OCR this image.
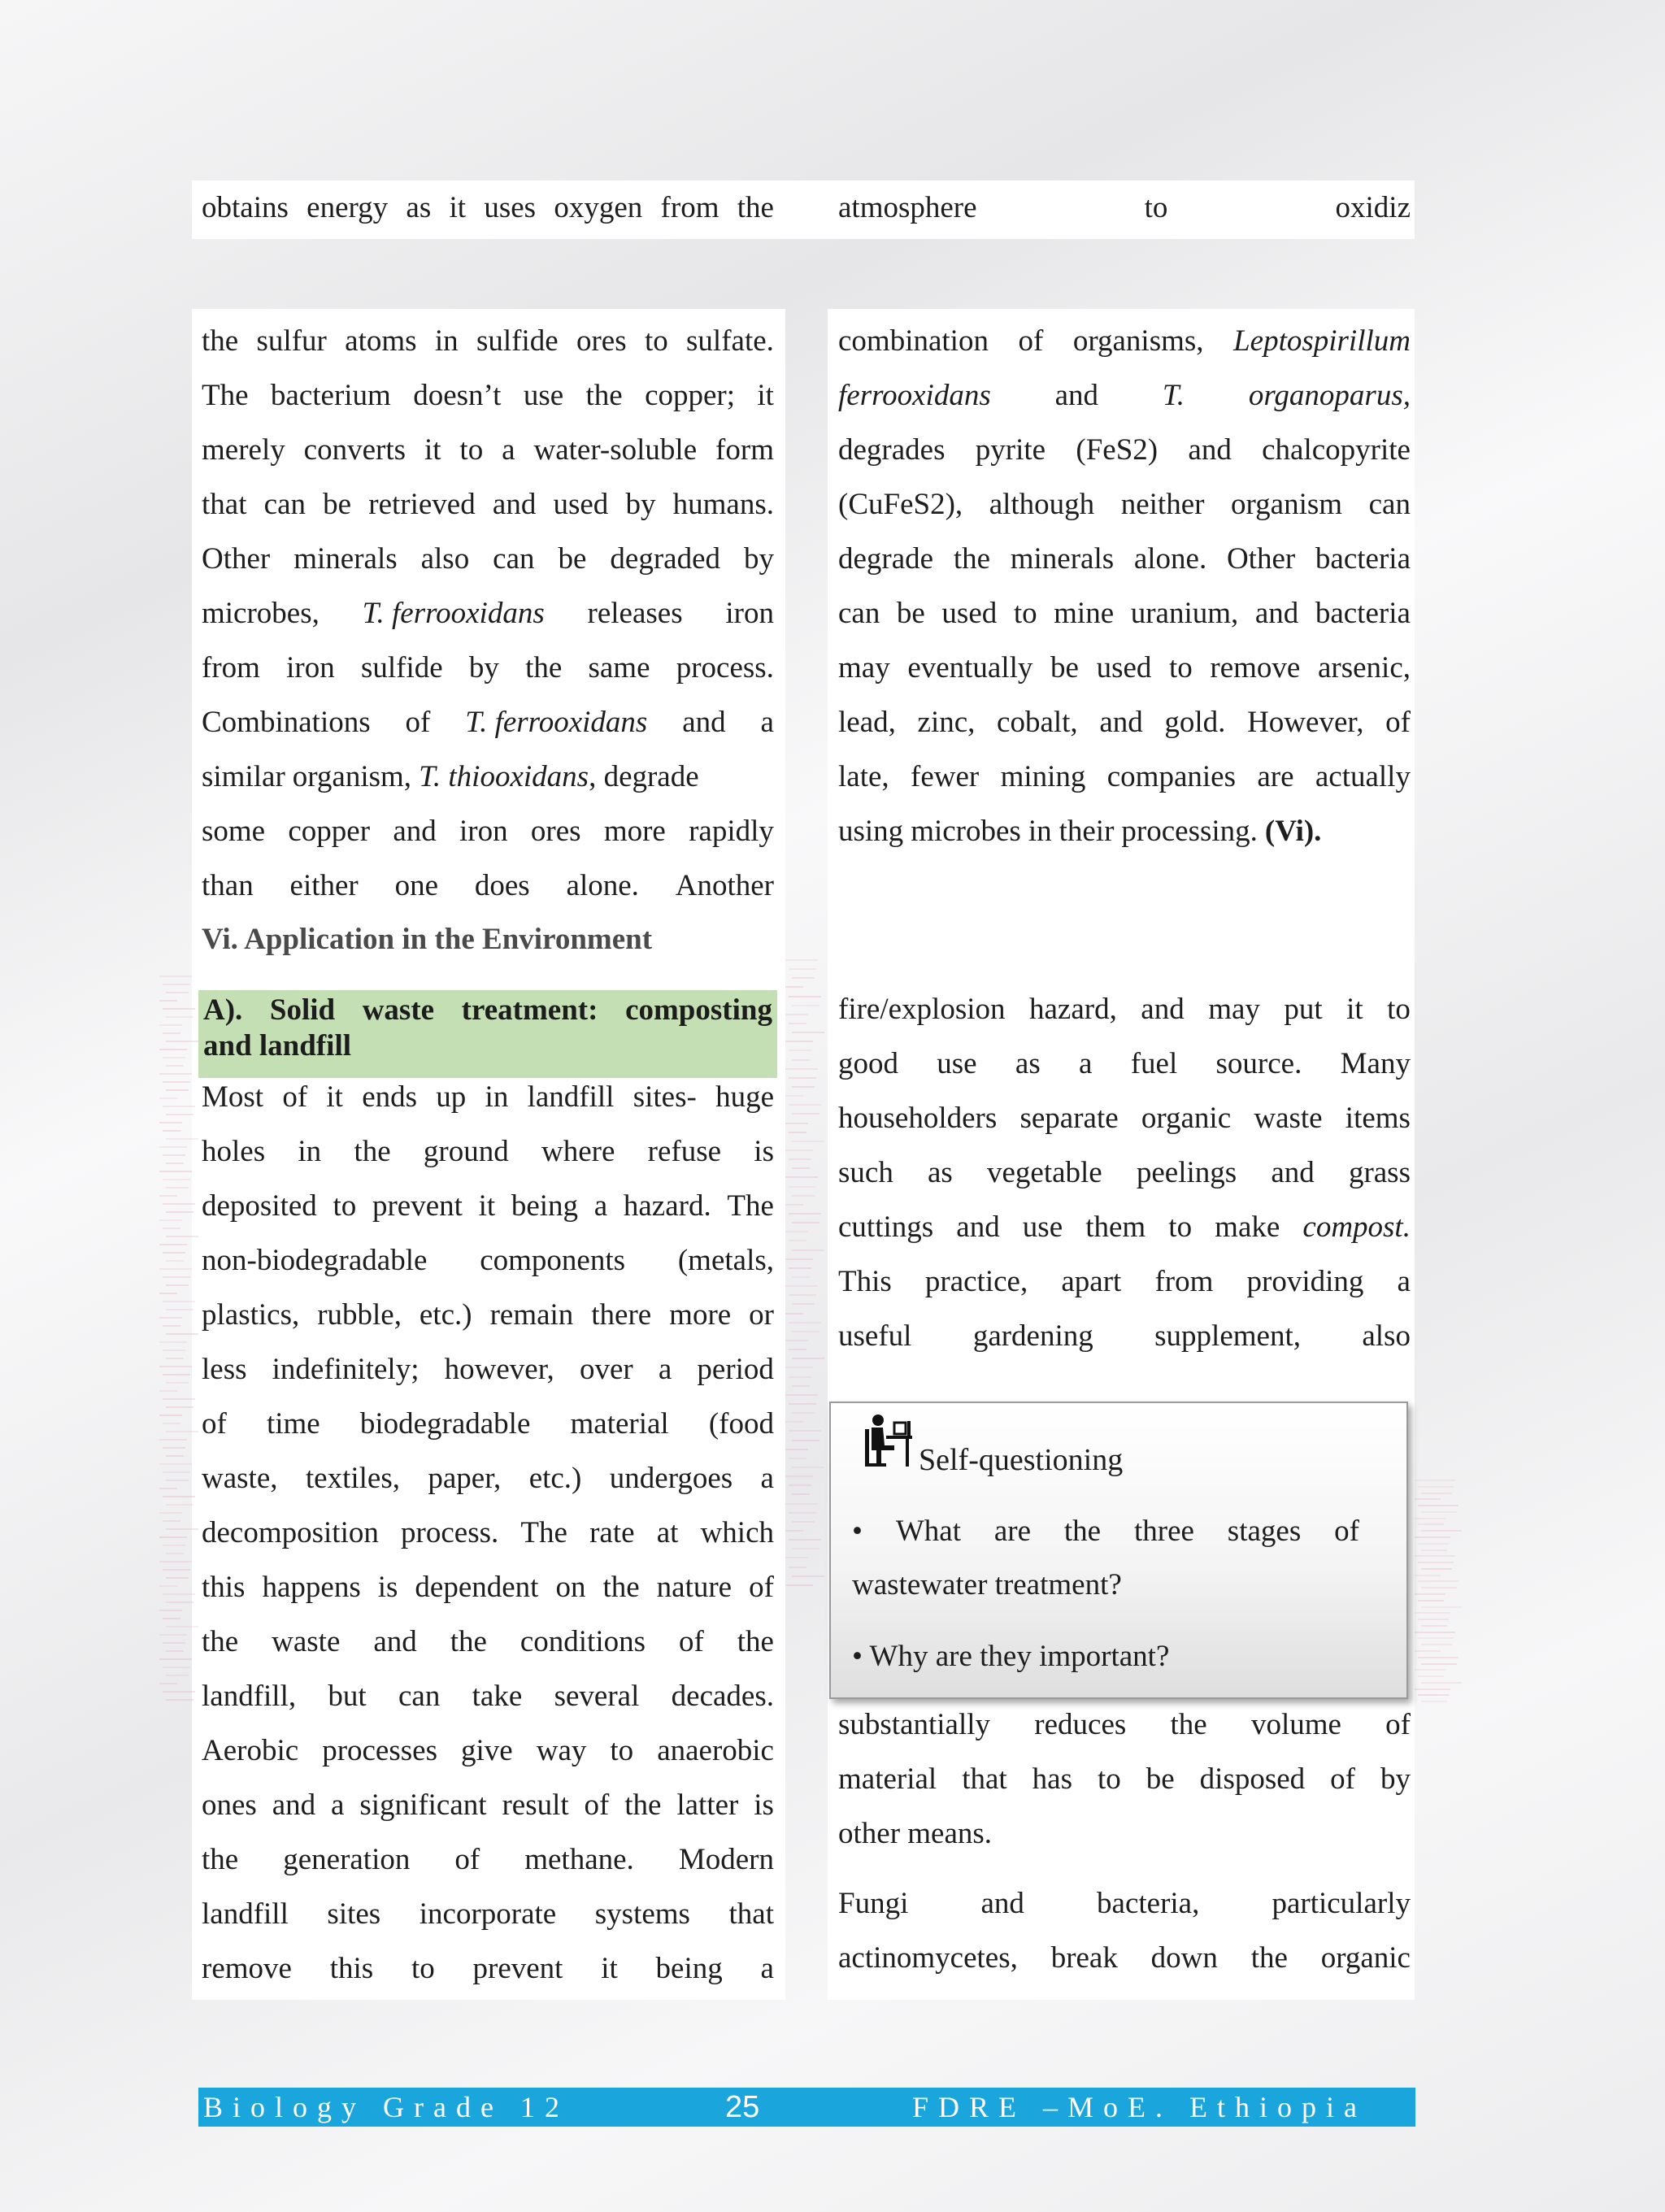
obtains energy as it uses oxygen from the atmosphere	to	oxidiz
the sulfur atoms in sulfide ores to sulfate.
The bacterium doesn’t use the copper; it
merely converts it to a water-soluble form
that can be retrieved and used by humans.
Other minerals also can be degraded by
microbes, T. ferrooxidans releases iron
from iron sulfide by the same process.
Combinations of T. ferrooxidans and a
similar organism, T. thiooxidans, degrade
some copper and iron ores more rapidly
than either one does alone. Another
combination of organisms, Leptospirillum
ferrooxidans and T. organoparus,
degrades pyrite (FeS2) and chalcopyrite
(CuFeS2), although neither organism can
degrade the minerals alone. Other bacteria
can be used to mine uranium, and bacteria
may eventually be used to remove arsenic,
lead, zinc, cobalt, and gold. However, of
late, fewer mining companies are actually
using microbes in their processing. (Vi).
Vi. Application in the Environment
A). Solid waste treatment: composting
and landfill
Most of it ends up in landfill sites- huge
holes in the ground where refuse is
deposited to prevent it being a hazard. The
non-biodegradable components (metals,
plastics, rubble, etc.) remain there more or
less indefinitely; however, over a period
of time biodegradable material (food
waste, textiles, paper, etc.) undergoes a
decomposition process. The rate at which
this happens is dependent on the nature of
the waste and the conditions of the
landfill, but can take several decades.
Aerobic processes give way to anaerobic
ones and a significant result of the latter is
the generation of methane. Modern
landfill sites incorporate systems that
remove this to prevent it being a
fire/explosion hazard, and may put it to
good use as a fuel source. Many
householders separate organic waste items
such as vegetable peelings and grass
cuttings and use them to make compost.
This practice, apart from providing a
useful gardening supplement, also
Self-questioning
• What are the three stages of
wastewater treatment?
• Why are they important?
substantially reduces the volume of
material that has to be disposed of by
other means.
Fungi and bacteria, particularly
actinomycetes, break down the organic
Biology Grade 12	25	FDRE –MoE. Ethiopia
